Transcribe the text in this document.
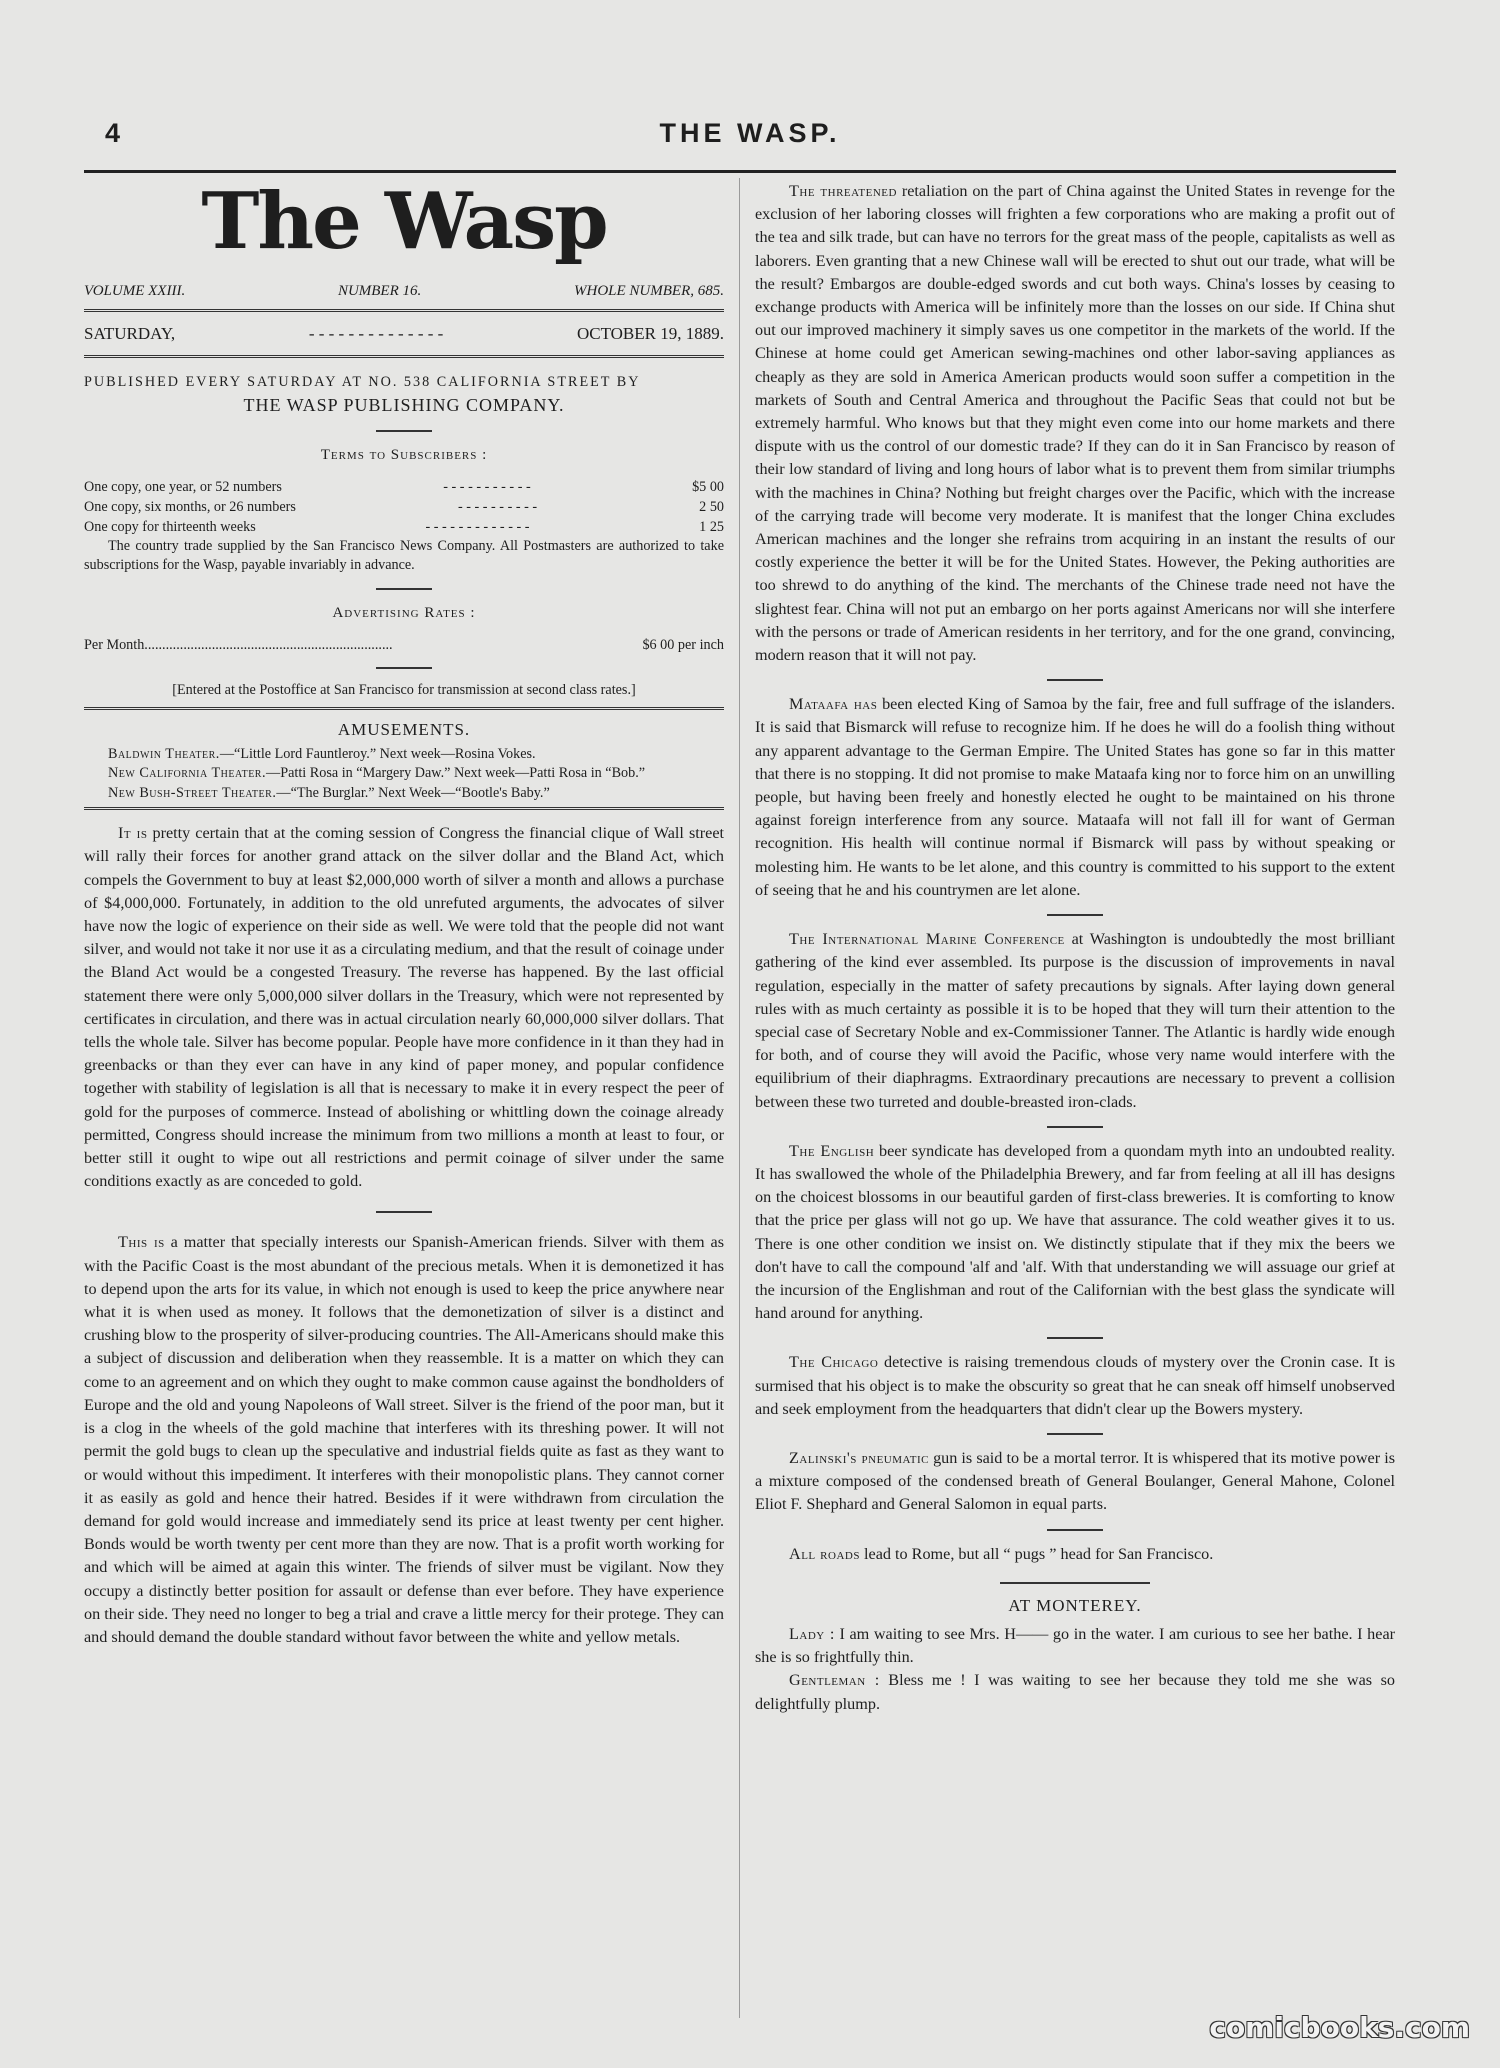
THE WASP.
4
The Wasp
VOLUME XXIII.	NUMBER 16.	WHOLE NUMBER, 685.
SATURDAY,	- - - - - - - - - - - - - -	OCTOBER 19, 1889.
PUBLISHED EVERY SATURDAY AT NO. 538 CALIFORNIA STREET BY
THE WASP PUBLISHING COMPANY.
Terms to Subscribers :
One copy, one year, or 52 numbers	- - - - - - - - - - -	$5 00
One copy, six months, or 26 numbers	- - - - - - - - - -	2 50
One copy for thirteenth weeks	- - - - - - - - - - - - -	1 25

The country trade supplied by the San Francisco News Company. All Postmasters are authorized to take subscriptions for the Wasp, payable invariably in advance.

Advertising Rates :
Per Month ......................................................................	$6 00 per inch

[Entered at the Postoffice at San Francisco for transmission at second class rates.]

AMUSEMENTS.

Baldwin Theater.—“Little Lord Fauntleroy.” Next week—Rosina Vokes.

New California Theater.—Patti Rosa in “Margery Daw.” Next week—Patti Rosa in “Bob.”

New Bush-Street Theater.—“The Burglar.” Next Week—“Bootle's Baby.”

It is pretty certain that at the coming session of Congress the financial clique of Wall street will rally their forces for another grand attack on the silver dollar and the Bland Act, which compels the Government to buy at least $2,000,000 worth of silver a month and allows a purchase of $4,000,000. Fortunately, in addition to the old unrefuted arguments, the advocates of silver have now the logic of experience on their side as well. We were told that the people did not want silver, and would not take it nor use it as a circulating medium, and that the result of coinage under the Bland Act would be a congested Treasury. The reverse has happened. By the last official statement there were only 5,000,000 silver dollars in the Treasury, which were not represented by certificates in circulation, and there was in actual circulation nearly 60,000,000 silver dollars. That tells the whole tale. Silver has become popular. People have more confidence in it than they had in greenbacks or than they ever can have in any kind of paper money, and popular confidence together with stability of legislation is all that is necessary to make it in every respect the peer of gold for the purposes of commerce. Instead of abolishing or whittling down the coinage already permitted, Congress should increase the minimum from two millions a month at least to four, or better still it ought to wipe out all restrictions and permit coinage of silver under the same conditions exactly as are conceded to gold.

This is a matter that specially interests our Spanish-American friends. Silver with them as with the Pacific Coast is the most abundant of the precious metals. When it is demonetized it has to depend upon the arts for its value, in which not enough is used to keep the price anywhere near what it is when used as money. It follows that the demonetization of silver is a distinct and crushing blow to the prosperity of silver-producing countries. The All-Americans should make this a subject of discussion and deliberation when they reassemble. It is a matter on which they can come to an agreement and on which they ought to make common cause against the bondholders of Europe and the old and young Napoleons of Wall street. Silver is the friend of the poor man, but it is a clog in the wheels of the gold machine that interferes with its threshing power. It will not permit the gold bugs to clean up the speculative and industrial fields quite as fast as they want to or would without this impediment. It interferes with their monopolistic plans. They cannot corner it as easily as gold and hence their hatred. Besides if it were withdrawn from circulation the demand for gold would increase and immediately send its price at least twenty per cent higher. Bonds would be worth twenty per cent more than they are now. That is a profit worth working for and which will be aimed at again this winter. The friends of silver must be vigilant. Now they occupy a distinctly better position for assault or defense than ever before. They have experience on their side. They need no longer to beg a trial and crave a little mercy for their protege. They can and should demand the double standard without favor between the white and yellow metals.

The threatened retaliation on the part of China against the United States in revenge for the exclusion of her laboring closses will frighten a few corporations who are making a profit out of the tea and silk trade, but can have no terrors for the great mass of the people, capitalists as well as laborers. Even granting that a new Chinese wall will be erected to shut out our trade, what will be the result? Embargos are double-edged swords and cut both ways. China's losses by ceasing to exchange products with America will be infinitely more than the losses on our side. If China shut out our improved machinery it simply saves us one competitor in the markets of the world. If the Chinese at home could get American sewing-machines ond other labor-saving appliances as cheaply as they are sold in America American products would soon suffer a competition in the markets of South and Central America and throughout the Pacific Seas that could not but be extremely harmful. Who knows but that they might even come into our home markets and there dispute with us the control of our domestic trade? If they can do it in San Francisco by reason of their low standard of living and long hours of labor what is to prevent them from similar triumphs with the machines in China? Nothing but freight charges over the Pacific, which with the increase of the carrying trade will become very moderate. It is manifest that the longer China excludes American machines and the longer she refrains trom acquiring in an instant the results of our costly experience the better it will be for the United States. However, the Peking authorities are too shrewd to do anything of the kind. The merchants of the Chinese trade need not have the slightest fear. China will not put an embargo on her ports against Americans nor will she interfere with the persons or trade of American residents in her territory, and for the one grand, convincing, modern reason that it will not pay.

Mataafa has been elected King of Samoa by the fair, free and full suffrage of the islanders. It is said that Bismarck will refuse to recognize him. If he does he will do a foolish thing without any apparent advantage to the German Empire. The United States has gone so far in this matter that there is no stopping. It did not promise to make Mataafa king nor to force him on an unwilling people, but having been freely and honestly elected he ought to be maintained on his throne against foreign interference from any source. Mataafa will not fall ill for want of German recognition. His health will continue normal if Bismarck will pass by without speaking or molesting him. He wants to be let alone, and this country is committed to his support to the extent of seeing that he and his countrymen are let alone.

The International Marine Conference at Washington is undoubtedly the most brilliant gathering of the kind ever assembled. Its purpose is the discussion of improvements in naval regulation, especially in the matter of safety precautions by signals. After laying down general rules with as much certainty as possible it is to be hoped that they will turn their attention to the special case of Secretary Noble and ex-Commissioner Tanner. The Atlantic is hardly wide enough for both, and of course they will avoid the Pacific, whose very name would interfere with the equilibrium of their diaphragms. Extraordinary precautions are necessary to prevent a collision between these two turreted and double-breasted iron-clads.

The English beer syndicate has developed from a quondam myth into an undoubted reality. It has swallowed the whole of the Philadelphia Brewery, and far from feeling at all ill has designs on the choicest blossoms in our beautiful garden of first-class breweries. It is comforting to know that the price per glass will not go up. We have that assurance. The cold weather gives it to us. There is one other condition we insist on. We distinctly stipulate that if they mix the beers we don't have to call the compound 'alf and 'alf. With that understanding we will assuage our grief at the incursion of the Englishman and rout of the Californian with the best glass the syndicate will hand around for anything.

The Chicago detective is raising tremendous clouds of mystery over the Cronin case. It is surmised that his object is to make the obscurity so great that he can sneak off himself unobserved and seek employment from the headquarters that didn't clear up the Bowers mystery.

Zalinski's pneumatic gun is said to be a mortal terror. It is whispered that its motive power is a mixture composed of the condensed breath of General Boulanger, General Mahone, Colonel Eliot F. Shephard and General Salomon in equal parts.

All roads lead to Rome, but all “ pugs ” head for San Francisco.

AT MONTEREY.

Lady : I am waiting to see Mrs. H—— go in the water. I am curious to see her bathe. I hear she is so frightfully thin.

Gentleman : Bless me ! I was waiting to see her because they told me she was so delightfully plump.

comicbooks.com
